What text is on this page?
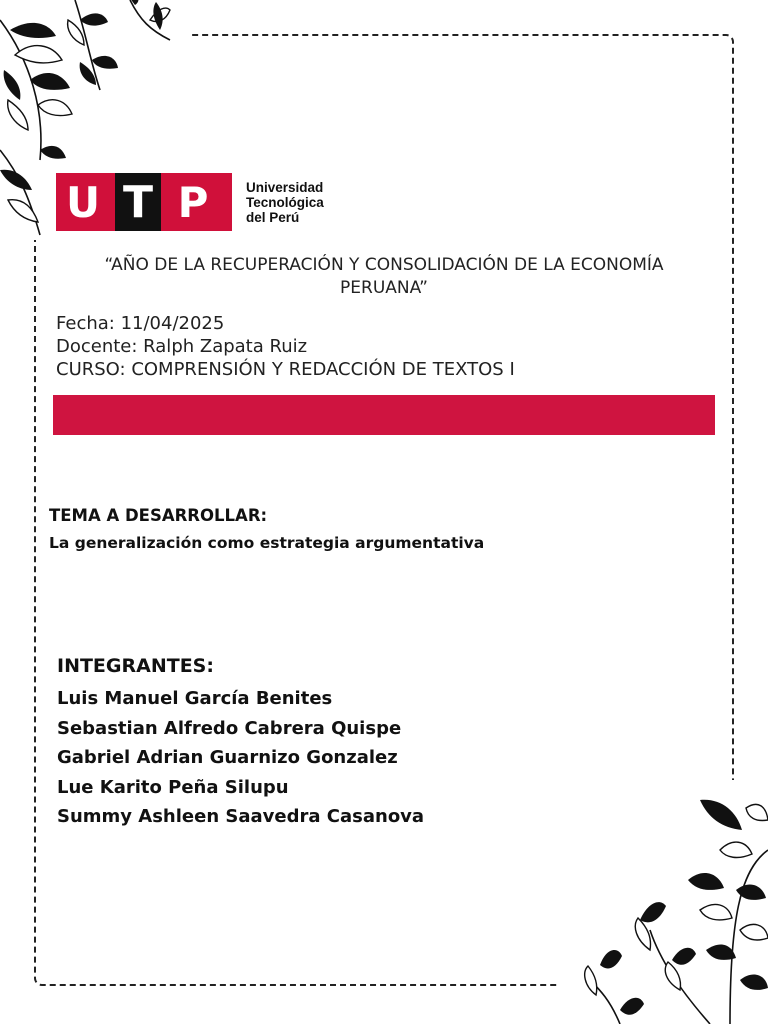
U T P	Universidad
Tecnológica
del Perú
“AÑO DE LA RECUPERACIÓN Y CONSOLIDACIÓN DE LA ECONOMÍA PERUANA”
Fecha: 11/04/2025
Docente: Ralph Zapata Ruiz
CURSO: COMPRENSIÓN Y REDACCIÓN DE TEXTOS I
TEMA A DESARROLLAR:
La generalización como estrategia argumentativa
INTEGRANTES:
Luis Manuel García Benites
Sebastian Alfredo Cabrera Quispe
Gabriel Adrian Guarnizo Gonzalez
Lue Karito Peña Silupu
Summy Ashleen Saavedra Casanova
